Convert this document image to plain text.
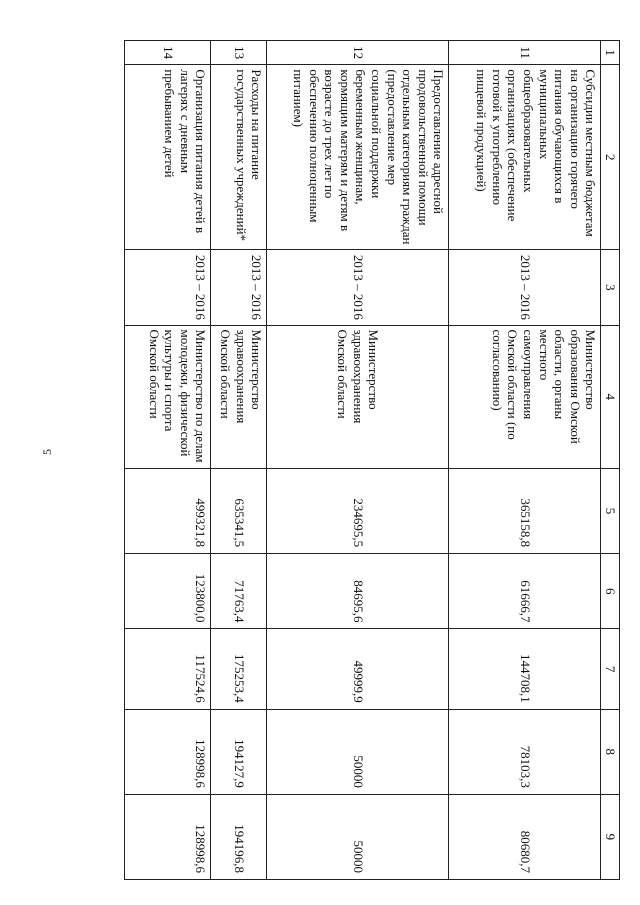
5
1	2	3	4	5	6	7	8	9
11	Субсидии местным бюджетам на организацию горячего питания обучающихся в муниципальных общеобразовательных организациях (обеспечение готовой к употреблению пищевой продукцией)	2013 – 2016	Министерство образования Омской области, органы местного самоуправления Омской области (по согласованию)	365158,8	61666,7	144708,1	78103,3	80680,7
12	Предоставление адресной продовольственной помощи отдельным категориям граждан (предоставление мер социальной поддержки беременным женщинам, кормящим матерям и детям в возрасте до трех лет по обеспечению полноценным питанием)	2013 – 2016	Министерство здравоохранения Омской области	234695,5	84695,6	49999,9	50000	50000
13	Расходы на питание государственных учреждений*	2013 – 2016	Министерство здравоохранения Омской области	635341,5	71763,4	175253,4	194127,9	194196,8
14	Организация питания детей в лагерях с дневным пребыванием детей	2013 – 2016	Министерство по делам молодежи, физической культуры и спорта Омской области	499321,8	123800,0	117524,6	128998,6	128998,6
